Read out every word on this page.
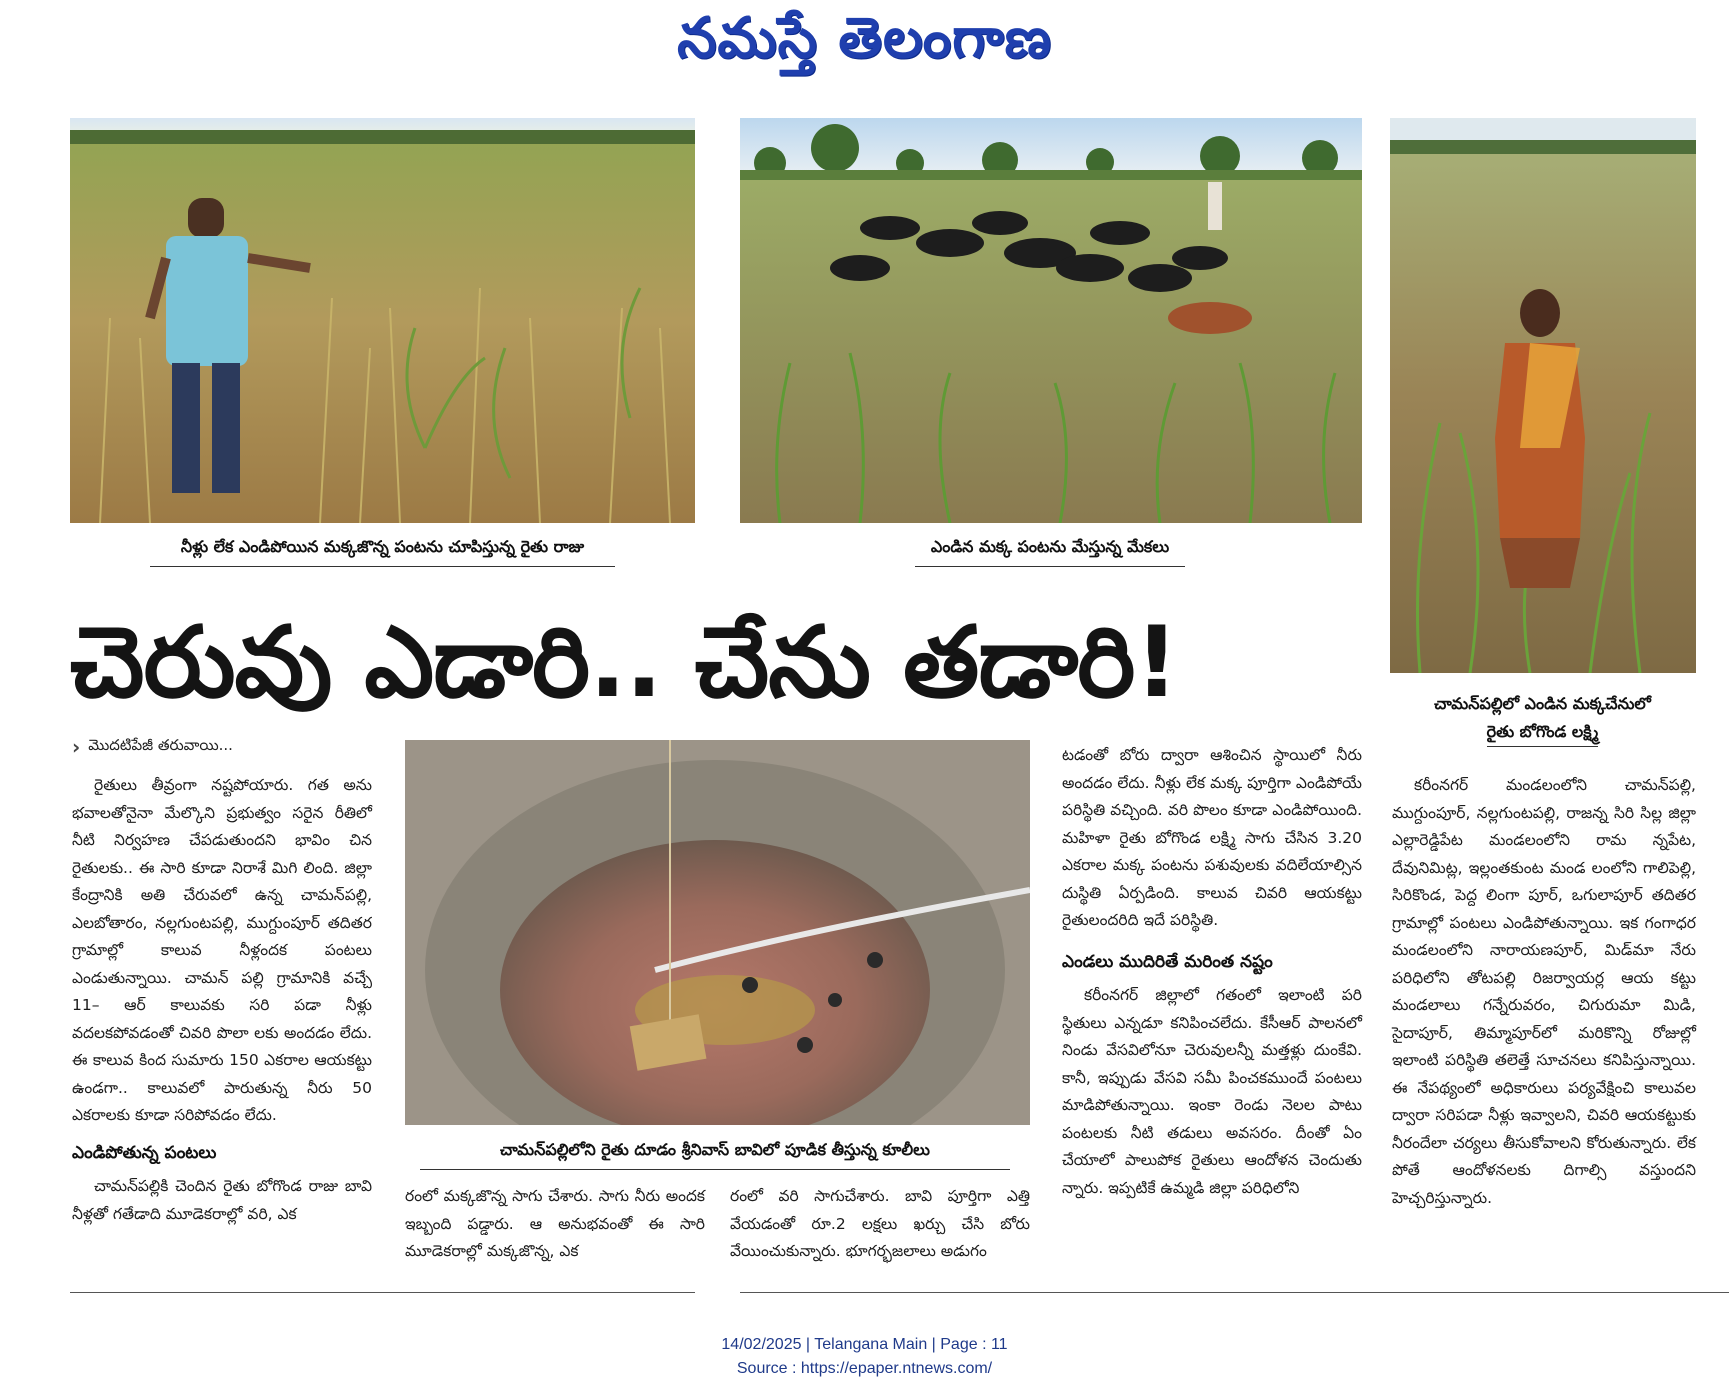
నమస్తే తెలంగాణ
నీళ్లు లేక ఎండిపోయిన మక్కజొన్న పంటను చూపిస్తున్న రైతు రాజు	ఎండిన మక్క పంటను మేస్తున్న మేకలు
చామన్‌పల్లిలో ఎండిన మక్కచేనులో
రైతు బోగొండ లక్ష్మి
చెరువు ఎడారి.. చేను తడారి!
› మొదటిపేజీ తరువాయి...

రైతులు తీవ్రంగా నష్టపోయారు. గత అను భవాలతోనైనా మేల్కొని ప్రభుత్వం సరైన రీతిలో నీటి నిర్వహణ చేపడుతుందని భావిం చిన రైతులకు.. ఈ సారి కూడా నిరాశే మిగి లింది. జిల్లా కేంద్రానికి అతి చేరువలో ఉన్న చామన్‌పల్లి, ఎలబోతారం, నల్లగుంటపల్లి, ముగ్దుంపూర్ తదితర గ్రామాల్లో కాలువ నీళ్లందక పంటలు ఎండుతున్నాయి. చామన్ పల్లి గ్రామానికి వచ్చే 11– ఆర్ కాలువకు సరి పడా నీళ్లు వదలకపోవడంతో చివరి పొలా లకు అందడం లేదు. ఈ కాలువ కింద సుమారు 150 ఎకరాల ఆయకట్టు ఉండగా.. కాలువలో పారుతున్న నీరు 50 ఎకరాలకు కూడా సరిపోవడం లేదు.

ఎండిపోతున్న పంటలు

చామన్‌పల్లికి చెందిన రైతు బోగొండ రాజు బావి నీళ్లతో గతేడాది మూడెకరాల్లో వరి, ఎక

చామన్‌పల్లిలోని రైతు దూడం శ్రీనివాస్ బావిలో పూడిక తీస్తున్న కూలీలు

రంలో మక్కజొన్న సాగు చేశారు. సాగు నీరు అందక ఇబ్బంది పడ్డారు. ఆ అనుభవంతో ఈ సారి మూడెకరాల్లో మక్కజొన్న, ఎక

రంలో వరి సాగుచేశారు. బావి పూర్తిగా ఎత్తి వేయడంతో రూ.2 లక్షలు ఖర్చు చేసి బోరు వేయించుకున్నారు. భూగర్భజలాలు అడుగం

టడంతో బోరు ద్వారా ఆశించిన స్థాయిలో నీరు అందడం లేదు. నీళ్లు లేక మక్క పూర్తిగా ఎండిపోయే పరిస్థితి వచ్చింది. వరి పొలం కూడా ఎండిపోయింది. మహిళా రైతు బోగొండ లక్ష్మి సాగు చేసిన 3.20 ఎకరాల మక్క పంటను పశువులకు వదిలేయాల్సిన దుస్థితి ఏర్పడింది. కాలువ చివరి ఆయకట్టు రైతులందరిది ఇదే పరిస్థితి.

ఎండలు ముదిరితే మరింత నష్టం

కరీంనగర్ జిల్లాలో గతంలో ఇలాంటి పరి స్థితులు ఎన్నడూ కనిపించలేదు. కేసీఆర్ పాలనలో నిండు వేసవిలోనూ చెరువులన్నీ మత్తళ్లు దుంకేవి. కానీ, ఇప్పుడు వేసవి సమీ పించకముందే పంటలు మాడిపోతున్నాయి. ఇంకా రెండు నెలల పాటు పంటలకు నీటి తడులు అవసరం. దీంతో ఏం చేయాలో పాలుపోక రైతులు ఆందోళన చెందుతు న్నారు. ఇప్పటికే ఉమ్మడి జిల్లా పరిధిలోని

కరీంనగర్ మండలంలోని చామన్‌పల్లి, ముగ్దుంపూర్, నల్లగుంటపల్లి, రాజన్న సిరి సిల్ల జిల్లా ఎల్లారెడ్డిపేట మండలంలోని రామ న్నపేట, దేవునిమిట్ల, ఇల్లంతకుంట మండ లంలోని గాలిపెల్లి, సిరికొండ, పెద్ద లింగా పూర్, ఒగులాపూర్ తదితర గ్రామాల్లో పంటలు ఎండిపోతున్నాయి. ఇక గంగాధర మండలంలోని నారాయణపూర్, మిడ్‌మా నేరు పరిధిలోని తోటపల్లి రిజర్వాయర్ల ఆయ కట్టు మండలాలు గన్నేరువరం, చిగురుమా మిడి, సైదాపూర్, తిమ్మాపూర్‌లో మరికొన్ని రోజుల్లో ఇలాంటి పరిస్థితి తలెత్తే సూచనలు కనిపిస్తున్నాయి. ఈ నేపథ్యంలో అధికారులు పర్యవేక్షించి కాలువల ద్వారా సరిపడా నీళ్లు ఇవ్వాలని, చివరి ఆయకట్టుకు నీరందేలా చర్యలు తీసుకోవాలని కోరుతున్నారు. లేక పోతే ఆందోళనలకు దిగాల్సి వస్తుందని హెచ్చరిస్తున్నారు.

14/02/2025 | Telangana Main | Page : 11
Source : https://epaper.ntnews.com/
